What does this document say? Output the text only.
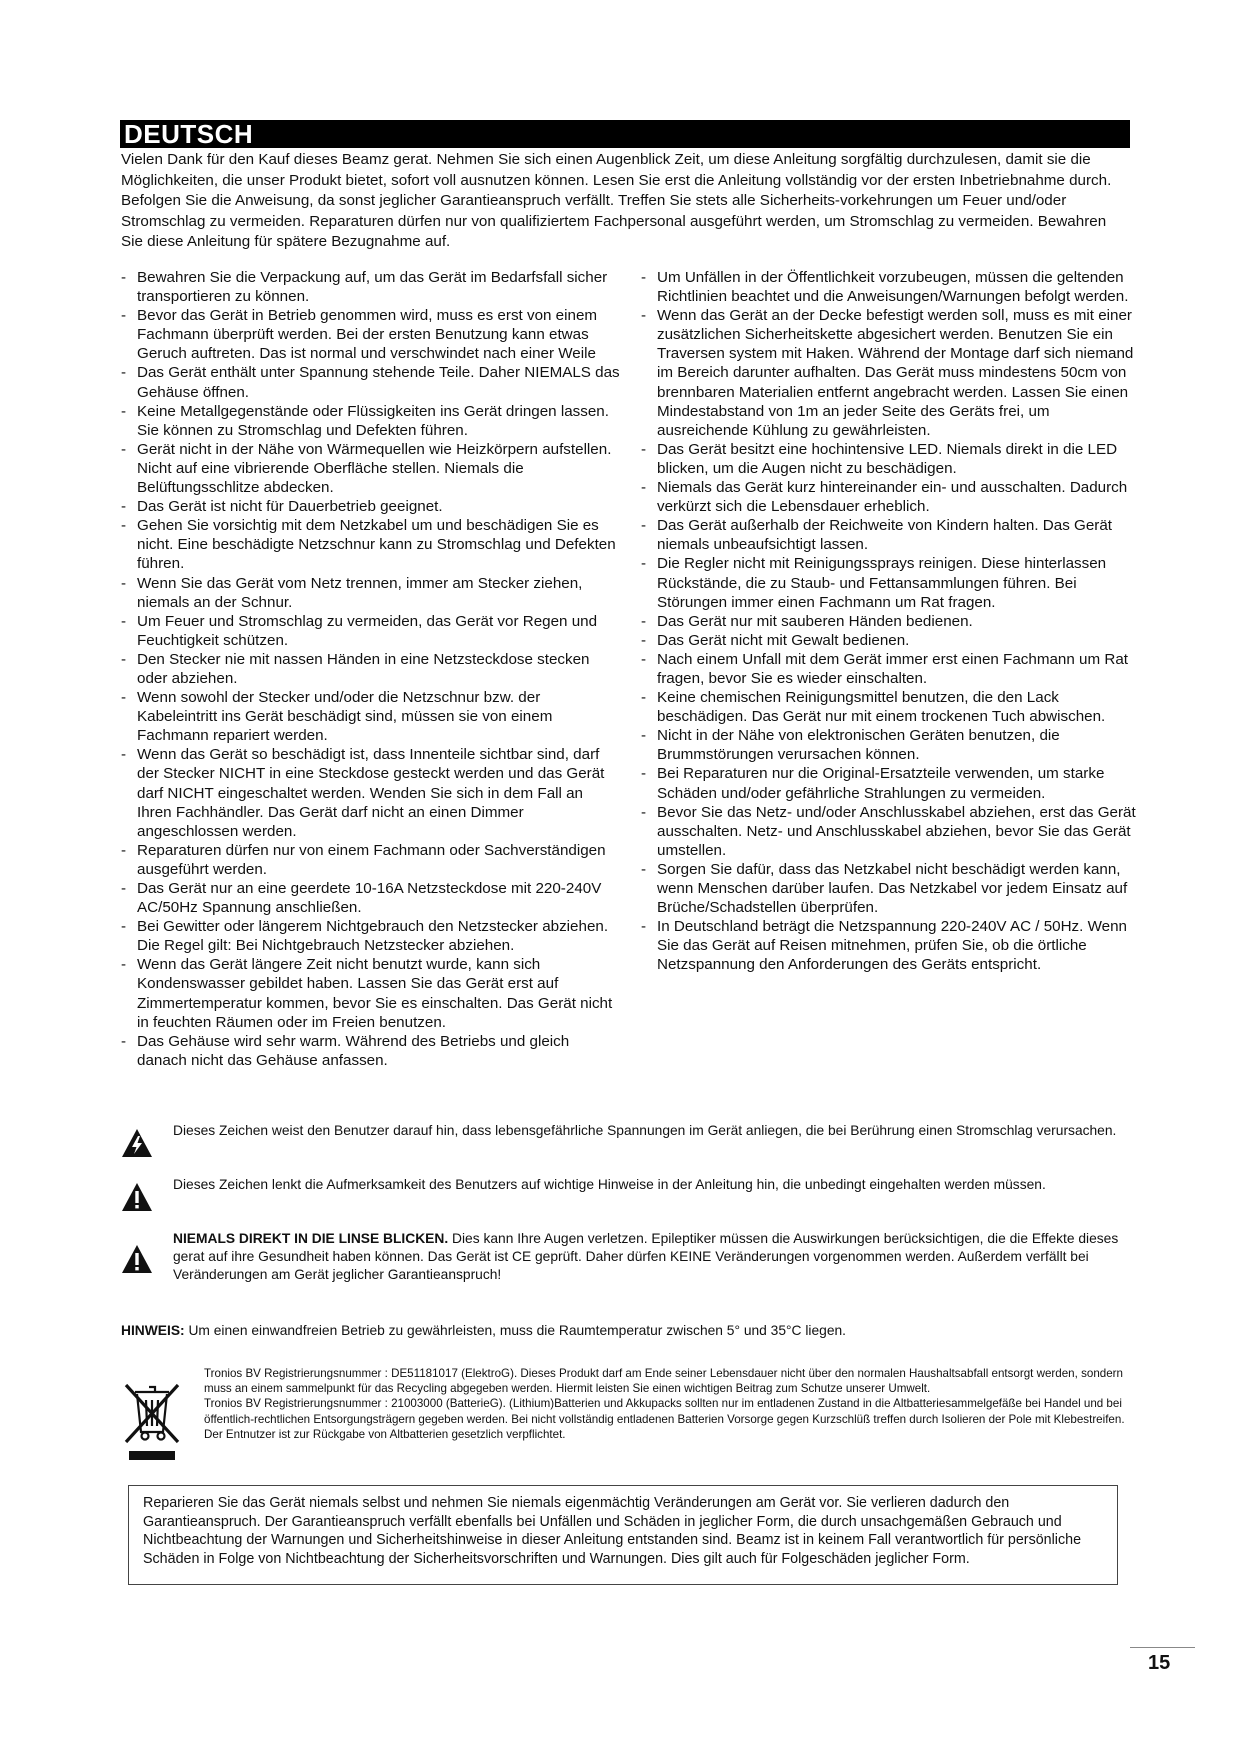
DEUTSCH

Vielen Dank für den Kauf dieses Beamz gerat. Nehmen Sie sich einen Augenblick Zeit, um diese Anleitung sorgfältig durchzulesen, damit sie die Möglichkeiten, die unser Produkt bietet, sofort voll ausnutzen können. Lesen Sie erst die Anleitung vollständig vor der ersten Inbetriebnahme durch. Befolgen Sie die Anweisung, da sonst jeglicher Garantieanspruch verfällt. Treffen Sie stets alle Sicherheits-vorkehrungen um Feuer und/oder Stromschlag zu vermeiden. Reparaturen dürfen nur von qualifiziertem Fachpersonal ausgeführt werden, um Stromschlag zu vermeiden. Bewahren Sie diese Anleitung für spätere Bezugnahme auf.

- Bewahren Sie die Verpackung auf, um das Gerät im Bedarfsfall sicher transportieren zu können.
- Bevor das Gerät in Betrieb genommen wird, muss es erst von einem Fachmann überprüft werden. Bei der ersten Benutzung kann etwas Geruch auftreten. Das ist normal und verschwindet nach einer Weile
- Das Gerät enthält unter Spannung stehende Teile. Daher NIEMALS das Gehäuse öffnen.
- Keine Metallgegenstände oder Flüssigkeiten ins Gerät dringen lassen. Sie können zu Stromschlag und Defekten führen.
- Gerät nicht in der Nähe von Wärmequellen wie Heizkörpern aufstellen. Nicht auf eine vibrierende Oberfläche stellen. Niemals die Belüftungsschlitze abdecken.
- Das Gerät ist nicht für Dauerbetrieb geeignet.
- Gehen Sie vorsichtig mit dem Netzkabel um und beschädigen Sie es nicht. Eine beschädigte Netzschnur kann zu Stromschlag und Defekten führen.
- Wenn Sie das Gerät vom Netz trennen, immer am Stecker ziehen, niemals an der Schnur.
- Um Feuer und Stromschlag zu vermeiden, das Gerät vor Regen und Feuchtigkeit schützen.
- Den Stecker nie mit nassen Händen in eine Netzsteckdose stecken oder abziehen.
- Wenn sowohl der Stecker und/oder die Netzschnur bzw. der Kabeleintritt ins Gerät beschädigt sind, müssen sie von einem Fachmann repariert werden.
- Wenn das Gerät so beschädigt ist, dass Innenteile sichtbar sind, darf der Stecker NICHT in eine Steckdose gesteckt werden und das Gerät darf NICHT eingeschaltet werden. Wenden Sie sich in dem Fall an Ihren Fachhändler. Das Gerät darf nicht an einen Dimmer angeschlossen werden.
- Reparaturen dürfen nur von einem Fachmann oder Sachverständigen ausgeführt werden.
- Das Gerät nur an eine geerdete 10-16A Netzsteckdose mit 220-240V AC/50Hz Spannung anschließen.
- Bei Gewitter oder längerem Nichtgebrauch den Netzstecker abziehen. Die Regel gilt: Bei Nichtgebrauch Netzstecker abziehen.
- Wenn das Gerät längere Zeit nicht benutzt wurde, kann sich Kondenswasser gebildet haben. Lassen Sie das Gerät erst auf Zimmertemperatur kommen, bevor Sie es einschalten. Das Gerät nicht in feuchten Räumen oder im Freien benutzen.
- Das Gehäuse wird sehr warm. Während des Betriebs und gleich danach nicht das Gehäuse anfassen.
- Um Unfällen in der Öffentlichkeit vorzubeugen, müssen die geltenden Richtlinien beachtet und die Anweisungen/Warnungen befolgt werden.
- Wenn das Gerät an der Decke befestigt werden soll, muss es mit einer zusätzlichen Sicherheitskette abgesichert werden. Benutzen Sie ein Traversen system mit Haken. Während der Montage darf sich niemand im Bereich darunter aufhalten. Das Gerät muss mindestens 50cm von brennbaren Materialien entfernt angebracht werden. Lassen Sie einen Mindestabstand von 1m an jeder Seite des Geräts frei, um ausreichende Kühlung zu gewährleisten.
- Das Gerät besitzt eine hochintensive LED. Niemals direkt in die LED blicken, um die Augen nicht zu beschädigen.
- Niemals das Gerät kurz hintereinander ein- und ausschalten. Dadurch verkürzt sich die Lebensdauer erheblich.
- Das Gerät außerhalb der Reichweite von Kindern halten. Das Gerät niemals unbeaufsichtigt lassen.
- Die Regler nicht mit Reinigungssprays reinigen. Diese hinterlassen Rückstände, die zu Staub- und Fettansammlungen führen. Bei Störungen immer einen Fachmann um Rat fragen.
- Das Gerät nur mit sauberen Händen bedienen.
- Das Gerät nicht mit Gewalt bedienen.
- Nach einem Unfall mit dem Gerät immer erst einen Fachmann um Rat fragen, bevor Sie es wieder einschalten.
- Keine chemischen Reinigungsmittel benutzen, die den Lack beschädigen. Das Gerät nur mit einem trockenen Tuch abwischen.
- Nicht in der Nähe von elektronischen Geräten benutzen, die Brummstörungen verursachen können.
- Bei Reparaturen nur die Original-Ersatzteile verwenden, um starke Schäden und/oder gefährliche Strahlungen zu vermeiden.
- Bevor Sie das Netz- und/oder Anschlusskabel abziehen, erst das Gerät ausschalten. Netz- und Anschlusskabel abziehen, bevor Sie das Gerät umstellen.
- Sorgen Sie dafür, dass das Netzkabel nicht beschädigt werden kann, wenn Menschen darüber laufen. Das Netzkabel vor jedem Einsatz auf Brüche/Schadstellen überprüfen.
- In Deutschland beträgt die Netzspannung 220-240V AC / 50Hz. Wenn Sie das Gerät auf Reisen mitnehmen, prüfen Sie, ob die örtliche Netzspannung den Anforderungen des Geräts entspricht.
Dieses Zeichen weist den Benutzer darauf hin, dass lebensgefährliche Spannungen im Gerät anliegen, die bei Berührung einen Stromschlag verursachen.
Dieses Zeichen lenkt die Aufmerksamkeit des Benutzers auf wichtige Hinweise in der Anleitung hin, die unbedingt eingehalten werden müssen.
NIEMALS DIREKT IN DIE LINSE BLICKEN. Dies kann Ihre Augen verletzen. Epileptiker müssen die Auswirkungen berücksichtigen, die die Effekte dieses gerat auf ihre Gesundheit haben können. Das Gerät ist CE geprüft. Daher dürfen KEINE Veränderungen vorgenommen werden. Außerdem verfällt bei Veränderungen am Gerät jeglicher Garantieanspruch!
HINWEIS: Um einen einwandfreien Betrieb zu gewährleisten, muss die Raumtemperatur zwischen 5° und 35°C liegen.
Tronios BV Registrierungsnummer : DE51181017 (ElektroG). Dieses Produkt darf am Ende seiner Lebensdauer nicht über den normalen Haushaltsabfall entsorgt werden, sondern muss an einem sammelpunkt für das Recycling abgegeben werden. Hiermit leisten Sie einen wichtigen Beitrag zum Schutze unserer Umwelt.
Tronios BV Registrierungsnummer : 21003000 (BatterieG). (Lithium)Batterien und Akkupacks sollten nur im entladenen Zustand in die Altbatteriesammelgefäße bei Handel und bei öffentlich-rechtlichen Entsorgungsträgern gegeben werden. Bei nicht vollständig entladenen Batterien Vorsorge gegen Kurzschlüß treffen durch Isolieren der Pole mit Klebestreifen. Der Entnutzer ist zur Rückgabe von Altbatterien gesetzlich verpflichtet.
Reparieren Sie das Gerät niemals selbst und nehmen Sie niemals eigenmächtig Veränderungen am Gerät vor. Sie verlieren dadurch den Garantieanspruch. Der Garantieanspruch verfällt ebenfalls bei Unfällen und Schäden in jeglicher Form, die durch unsachgemäßen Gebrauch und Nichtbeachtung der Warnungen und Sicherheitshinweise in dieser Anleitung entstanden sind. Beamz ist in keinem Fall verantwortlich für persönliche Schäden in Folge von Nichtbeachtung der Sicherheitsvorschriften und Warnungen. Dies gilt auch für Folgeschäden jeglicher Form.
15
